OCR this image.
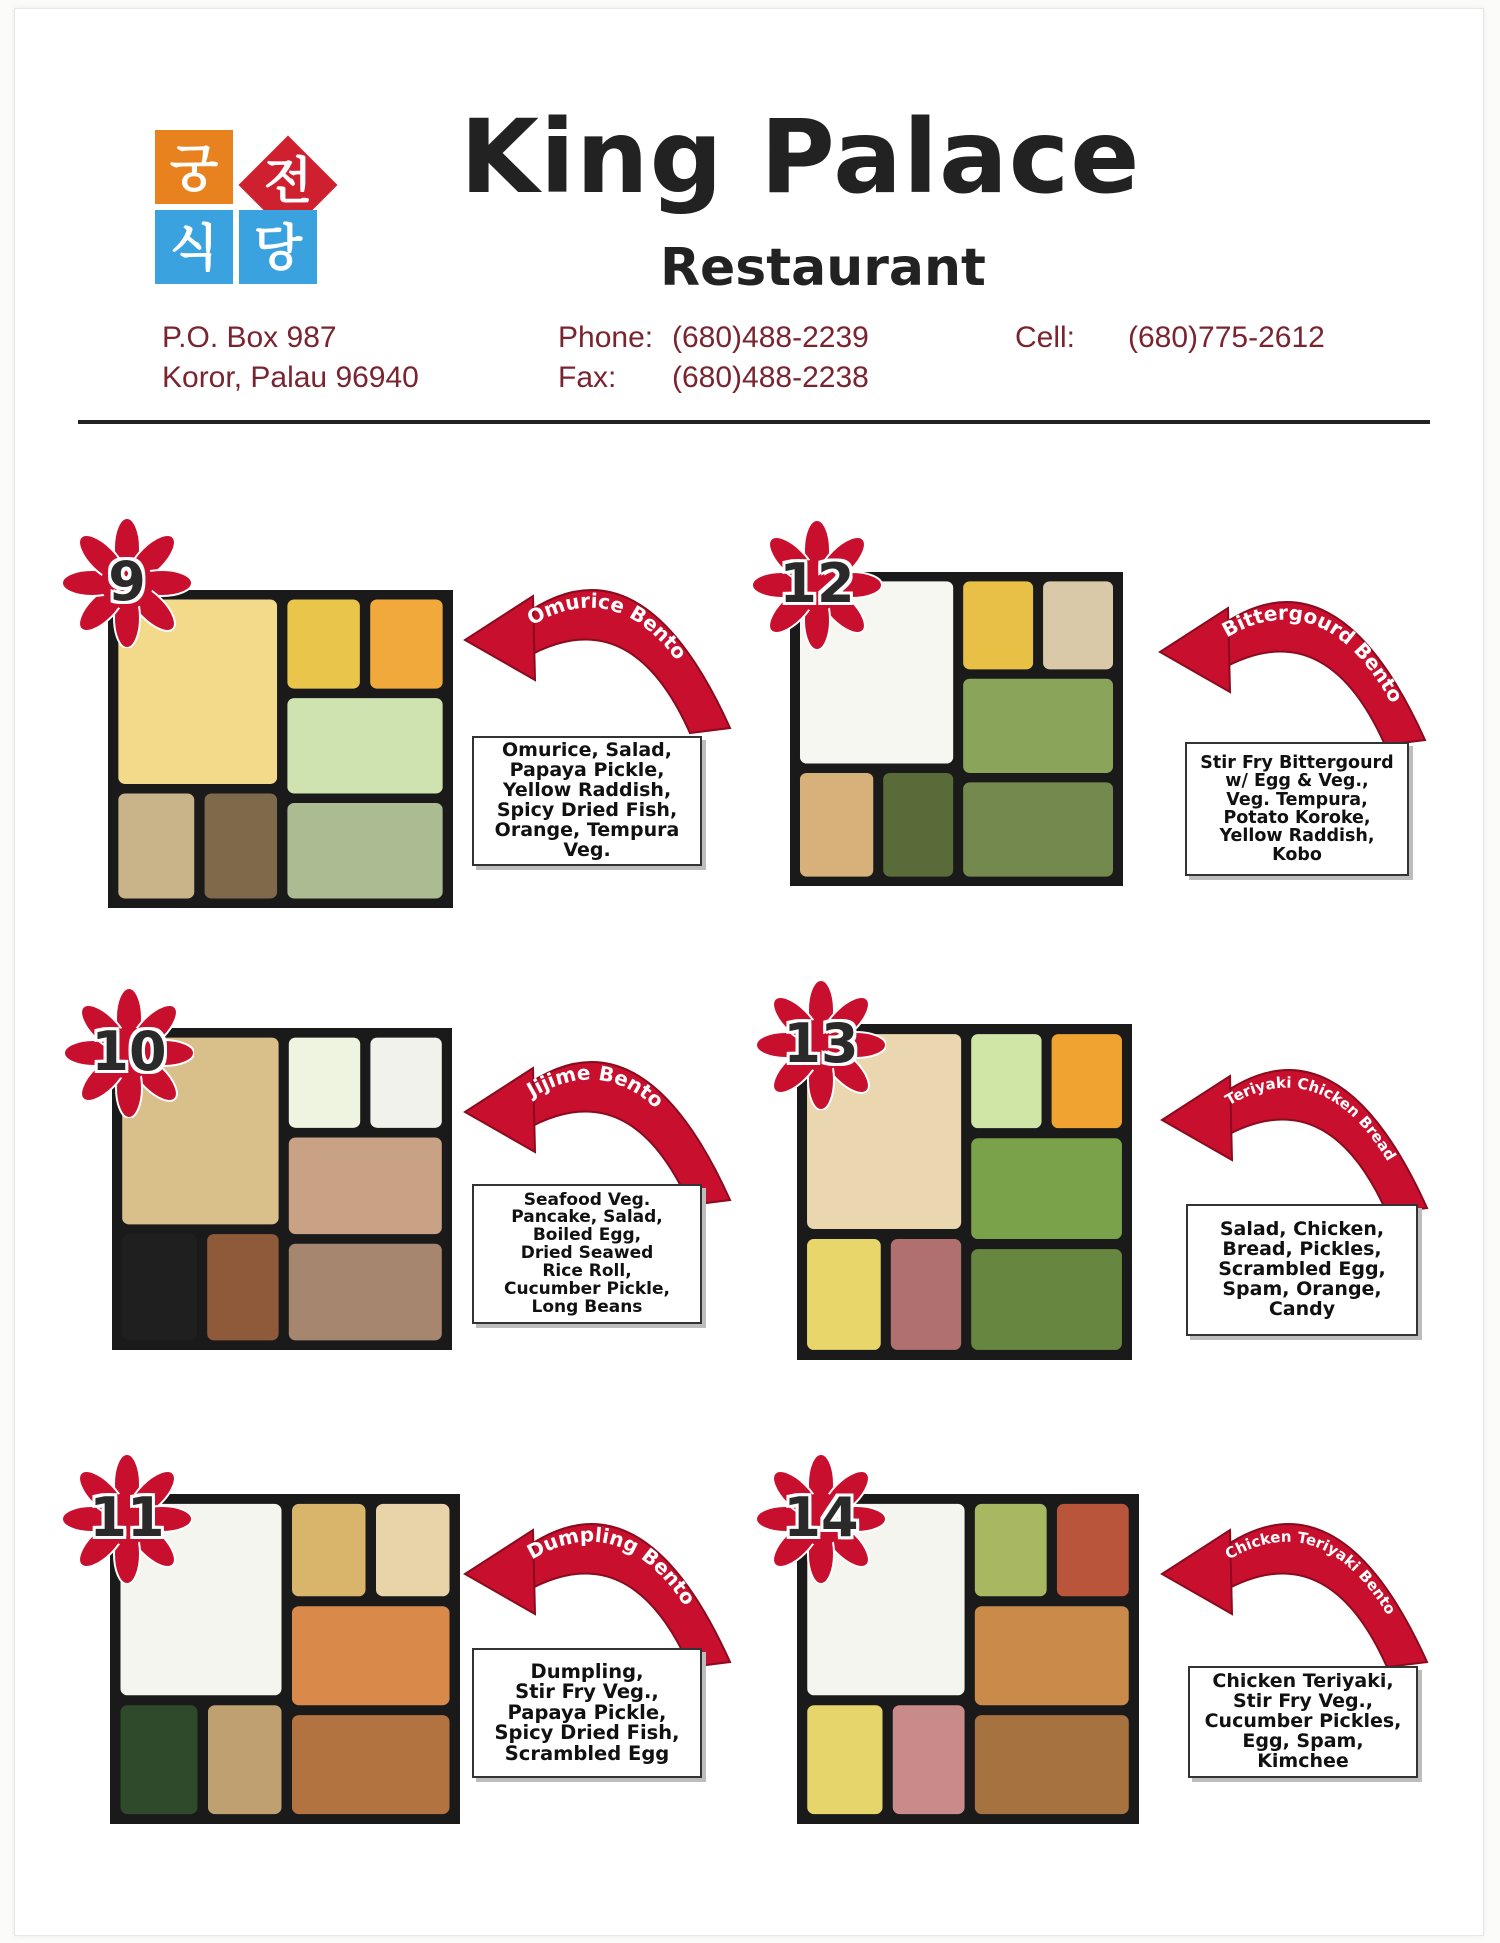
궁 전
식 당
King Palace
Restaurant
P.O. Box 987
Koror, Palau 96940
Phone:
Fax:
(680)488-2239
(680)488-2238
Cell: (680)775-2612
9
Omurice Bento
Omurice, Salad,
Papaya Pickle,
Yellow Raddish,
Spicy Dried Fish,
Orange, Tempura Veg.
12
Bittergourd Bento
Stir Fry Bittergourd
w/ Egg & Veg.,
Veg. Tempura,
Potato Koroke,
Yellow Raddish,
Kobo
10
Jijime Bento
Seafood Veg.
Pancake, Salad,
Boiled Egg,
Dried Seawed
Rice Roll,
Cucumber Pickle,
Long Beans
13
Teriyaki Chicken Bread
Salad, Chicken,
Bread, Pickles,
Scrambled Egg,
Spam, Orange,
Candy
11
Dumpling Bento
Dumpling,
Stir Fry Veg.,
Papaya Pickle,
Spicy Dried Fish,
Scrambled Egg
14
Chicken Teriyaki Bento
Chicken Teriyaki,
Stir Fry Veg.,
Cucumber Pickles,
Egg, Spam, Kimchee
